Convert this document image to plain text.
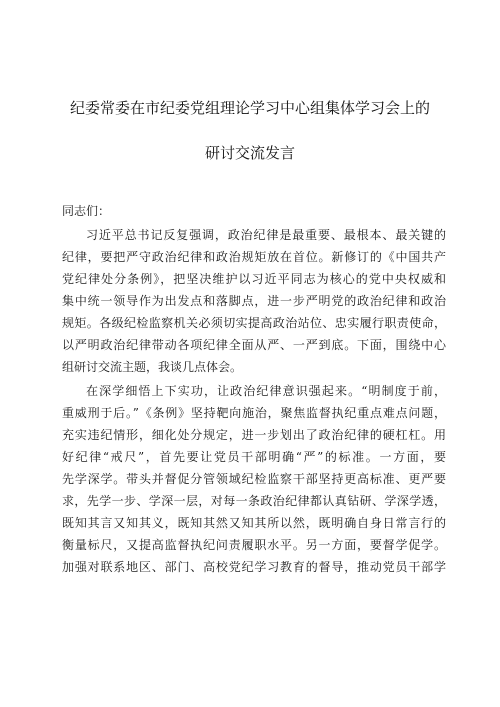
纪委常委在市纪委党组理论学习中心组集体学习会上的
研讨交流发言
同志们：
习近平总书记反复强调，政治纪律是最重要、最根本、最关键的
纪律，要把严守政治纪律和政治规矩放在首位。新修订的《中国共产
党纪律处分条例》，把坚决维护以习近平同志为核心的党中央权威和
集中统一领导作为出发点和落脚点，进一步严明党的政治纪律和政治
规矩。各级纪检监察机关必须切实提高政治站位、忠实履行职责使命，
以严明政治纪律带动各项纪律全面从严、一严到底。下面，围绕中心
组研讨交流主题，我谈几点体会。
在深学细悟上下实功，让政治纪律意识强起来。“明制度于前，
重威刑于后。”《条例》坚持靶向施治，聚焦监督执纪重点难点问题，
充实违纪情形，细化处分规定，进一步划出了政治纪律的硬杠杠。用
好纪律“戒尺”，首先要让党员干部明确“严”的标准。一方面，要
先学深学。带头并督促分管领域纪检监察干部坚持更高标准、更严要
求，先学一步、学深一层，对每一条政治纪律都认真钻研、学深学透，
既知其言又知其义，既知其然又知其所以然，既明确自身日常言行的
衡量标尺，又提高监督执纪问责履职水平。另一方面，要督学促学。
加强对联系地区、部门、高校党纪学习教育的督导，推动党员干部学
